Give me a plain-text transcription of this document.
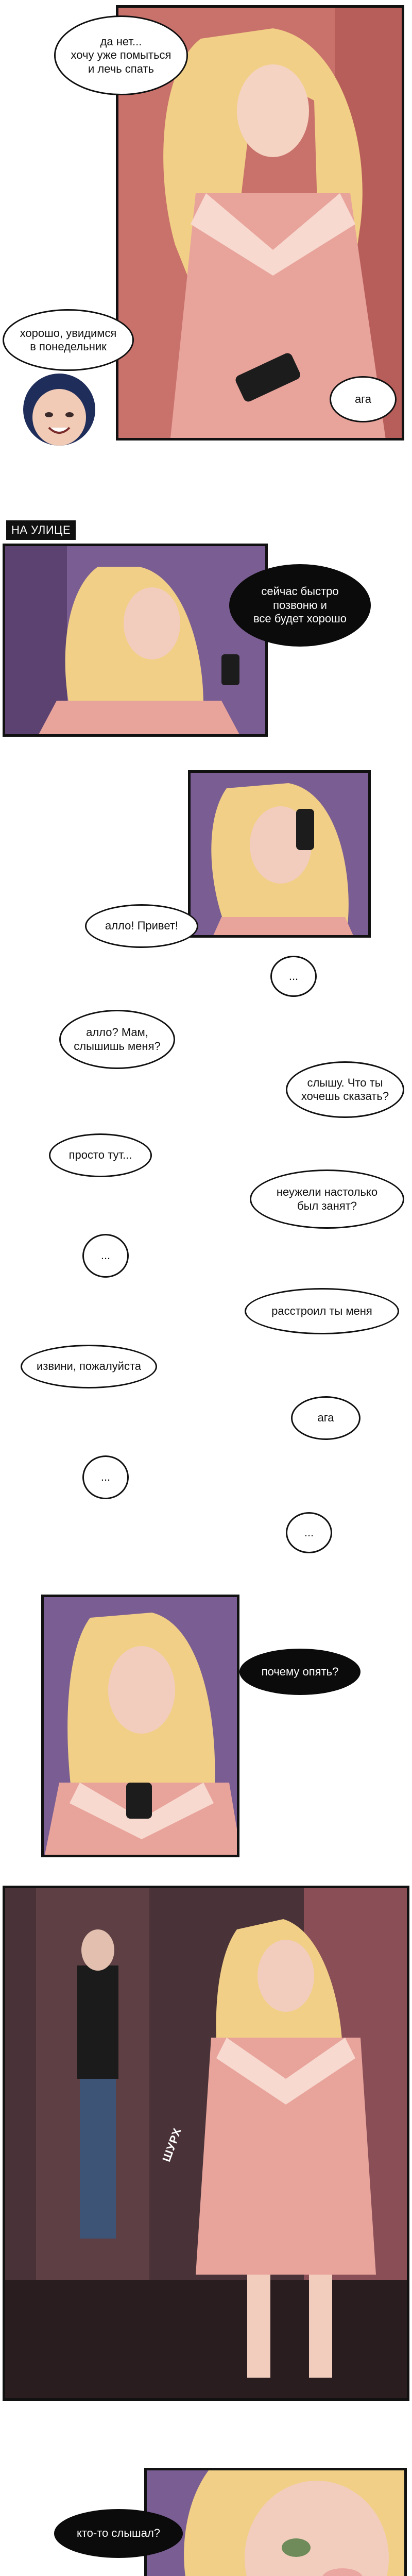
да нет...
хочу уже помыться
и лечь спать
ага
хорошо, увидимся
в понедельник
НА УЛИЦЕ
сейчас быстро
позвоню и
все будет хорошо
алло! Привет!
...
алло? Мам,
слышишь меня?
слышу. Что ты
хочешь сказать?
просто тут...
неужели настолько
был занят?
...
расстроил ты меня
извини, пожалуйста
ага
...
...
почему опять?
ШУРХ
кто-то слышал?
